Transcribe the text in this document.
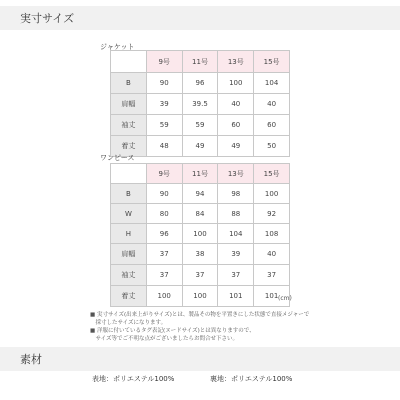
実寸サイズ
ジャケット
	9号	11号	13号	15号
B	90	96	100	104
肩幅	39	39.5	40	40
袖丈	59	59	60	60
着丈	48	49	49	50
ワンピース
	9号	11号	13号	15号
B	90	94	98	100
W	80	84	88	92
H	96	100	104	108
肩幅	37	38	39	40
袖丈	37	37	37	37
着丈	100	100	101	101 (cm)
■ 実寸サイズ(出来上がりサイズ)とは、製品その物を平置きにした状態で直接メジャーで
　採寸したサイズになります。
■ 洋服に付いているタグ表記(ヌードサイズ)とは異なりますので、
　サイズ等でご不明な点がございましたらお問合せ下さい。
素材
表地：ポリエステル100%	裏地：ポリエステル100%
